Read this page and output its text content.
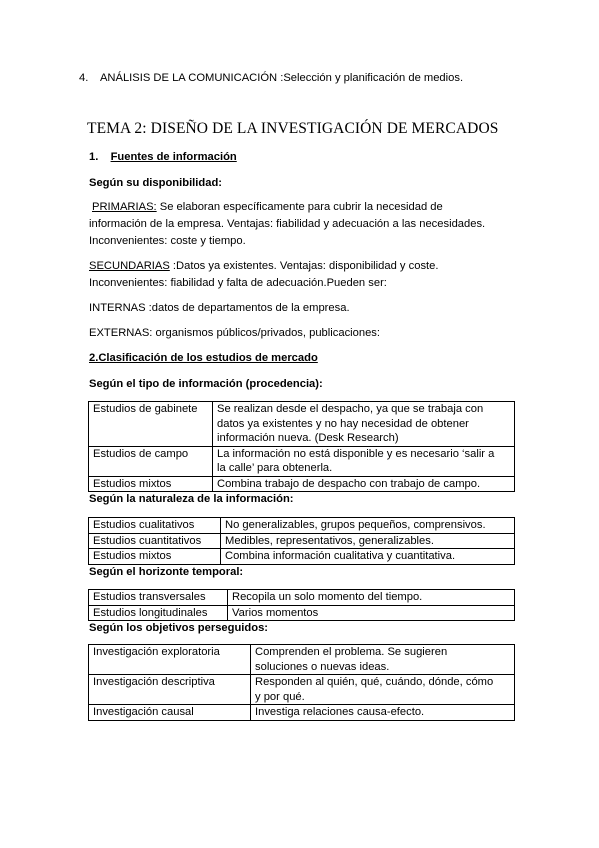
4. ANÁLISIS DE LA COMUNICACIÓN :Selección y planificación de medios.
TEMA 2: DISEÑO DE LA INVESTIGACIÓN DE MERCADOS
1. Fuentes de información
Según su disponibilidad:
PRIMARIAS: Se elaboran específicamente para cubrir la necesidad de
información de la empresa. Ventajas: fiabilidad y adecuación a las necesidades.
Inconvenientes: coste y tiempo.
SECUNDARIAS :Datos ya existentes. Ventajas: disponibilidad y coste.
Inconvenientes: fiabilidad y falta de adecuación.Pueden ser:
INTERNAS :datos de departamentos de la empresa.
EXTERNAS: organismos públicos/privados, publicaciones:
2.Clasificación de los estudios de mercado
Según el tipo de información (procedencia):
Estudios de gabinete	Se realizan desde el despacho, ya que se trabaja con
datos ya existentes y no hay necesidad de obtener
información nueva. (Desk Research)

Estudios de campo	La información no está disponible y es necesario ‘salir a
la calle’ para obtenerla.

Estudios mixtos	Combina trabajo de despacho con trabajo de campo.
Según la naturaleza de la información:
Estudios cualitativos	No generalizables, grupos pequeños, comprensivos.
Estudios cuantitativos	Medibles, representativos, generalizables.
Estudios mixtos	Combina información cualitativa y cuantitativa.
Según el horizonte temporal:
Estudios transversales	Recopila un solo momento del tiempo.
Estudios longitudinales	Varios momentos
Según los objetivos perseguidos:
Investigación exploratoria	Comprenden el problema. Se sugieren
soluciones o nuevas ideas.

Investigación descriptiva	Responden al quién, qué, cuándo, dónde, cómo
y por qué.

Investigación causal	Investiga relaciones causa-efecto.
